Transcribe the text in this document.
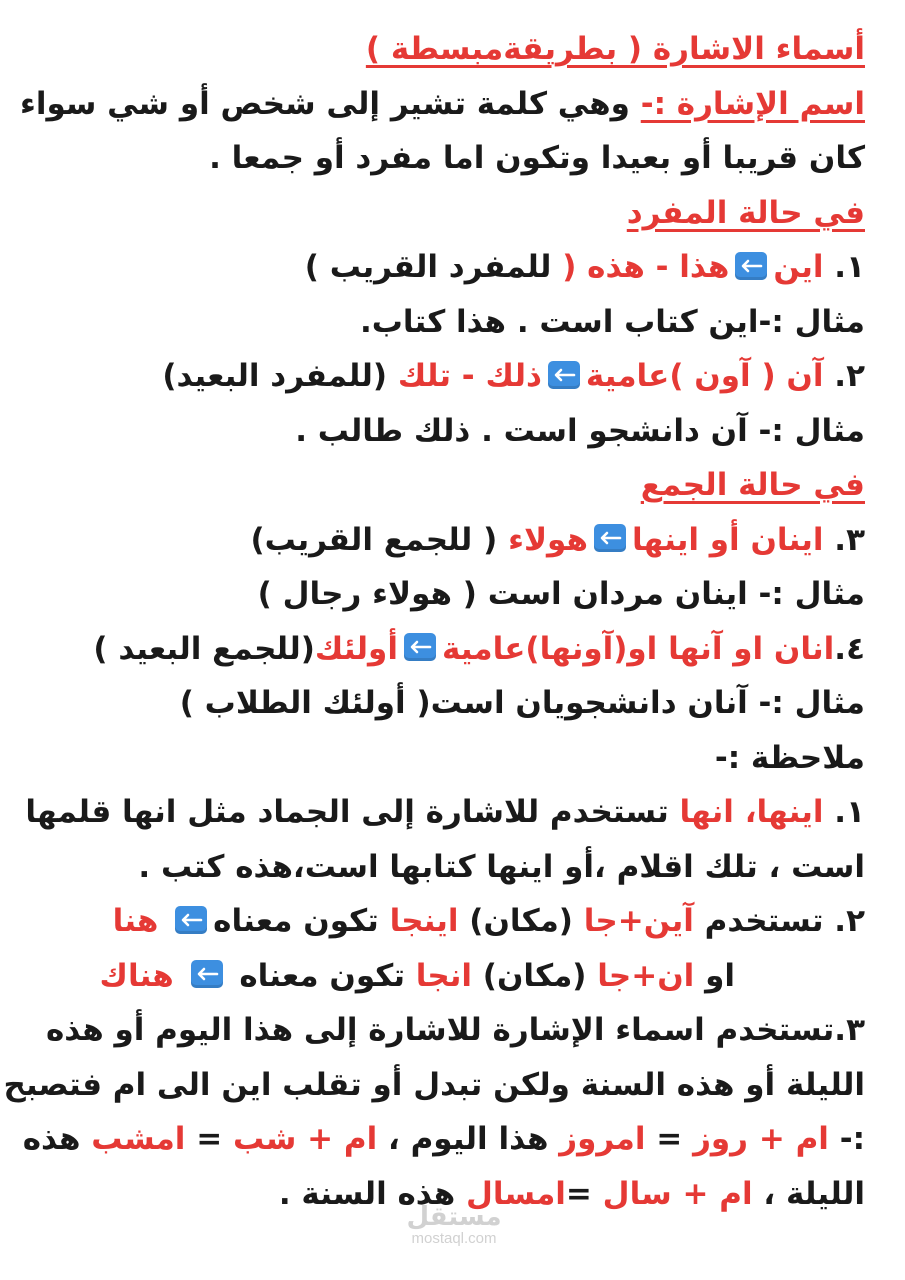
أسماء الاشارة ( بطريقةمبسطة )
اسم الإشارة :- وهي كلمة تشير إلى شخص أو شي سواء
كان قريبا أو بعيدا وتكون اما مفرد أو جمعا .
في حالة المفرد
١. اين
هذا - هذه ( للمفرد القريب )
مثال :-اين كتاب است . هذا كتاب.
٢. آن ( آون )عامية
ذلك - تلك (للمفرد البعيد)
مثال :- آن دانشجو است . ذلك طالب .
في حالة الجمع
٣. اينان أو اينها
هولاء ( للجمع القريب)
مثال :- اينان مردان است ( هولاء رجال )
٤.انان او آنها او(آونها)عامية
أولئك(للجمع البعيد )
مثال :- آنان دانشجويان است( أولئك الطلاب )
ملاحظة :-
١. اينها، انها تستخدم للاشارة إلى الجماد مثل انها قلمها
است ، تلك اقلام ،أو اينها كتابها است،هذه كتب .
٢. تستخدم آين+جا (مكان) اينجا تكون معناه
هنا
او ان+جا (مكان) انجا تكون معناه
هناك
٣.تستخدم اسماء الإشارة للاشارة إلى هذا اليوم أو هذه
الليلة أو هذه السنة ولكن تبدل أو تقلب اين الى ام فتصبح
:- ام + روز = امروز هذا اليوم ، ام + شب = امشب هذه
الليلة ، ام + سال =امسال هذه السنة .
مستقل
mostaql.com
